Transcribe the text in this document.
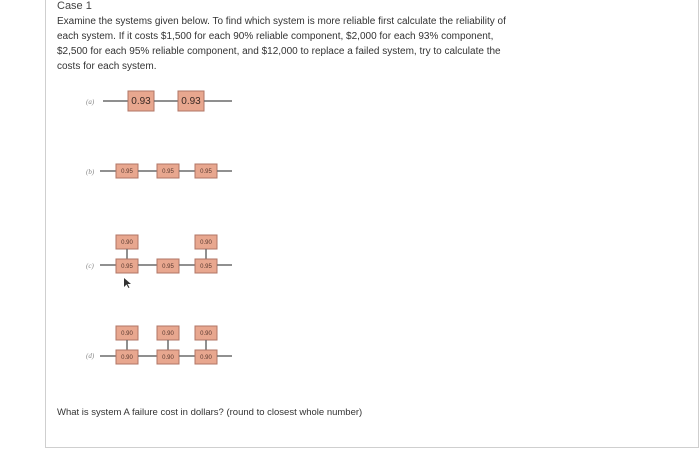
Case 1
Examine the systems given below. To find which system is more reliable first calculate the reliability of each system. If it costs $1,500 for each 90% reliable component, $2,000 for each 93% component, $2,500 for each 95% reliable component, and $12,000 to replace a failed system, try to calculate the costs for each system.
(a)	0.93	0.93
(b)	0.95	0.95	0.95
(c)
0.90	0.90
0.95	0.95	0.95
(d)
0.90	0.90	0.90
0.90	0.90	0.90
What is system A failure cost in dollars? (round to closest whole number)
